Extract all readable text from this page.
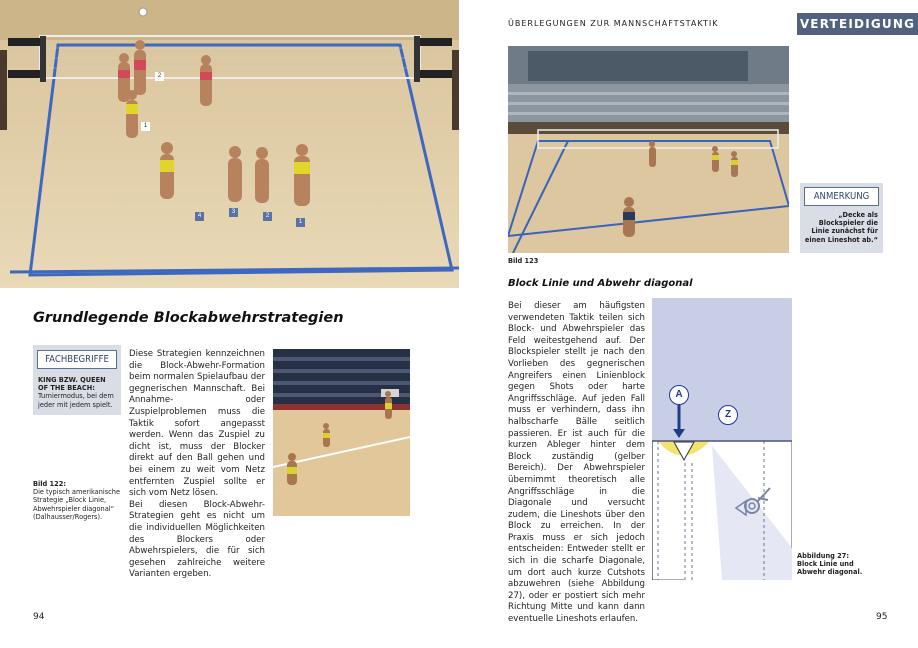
1
2
4
3
2
1
Grundlegende Blockabwehrstrategien
FACHBEGRIFFE
KING BZW. QUEEN OF THE BEACH: Turniermodus, bei dem jeder mit jedem spielt.
Bild 122:
Die typisch amerikanische Strategie „Block Linie, Abwehrspieler diagonal“ (Dalhausser/Rogers).
Diese Strategien kennzeichnen die Block-Abwehr-Formation beim normalen Spielaufbau der gegnerischen Mannschaft. Bei Annahme- oder Zuspielproblemen muss die Taktik sofort angepasst werden. Wenn das Zuspiel zu dicht ist, muss der Blocker direkt auf den Ball gehen und bei einem zu weit vom Netz entfernten Zuspiel sollte er sich vom Netz lösen.
Bei diesen Block-Abwehr-Strategien geht es nicht um die individuellen Möglichkeiten des Blockers oder Abwehrspielers, die für sich gesehen zahlreiche weitere Varianten ergeben.
94
ÜBERLEGUNGEN ZUR MANNSCHAFTSTAKTIK	VERTEIDIGUNG
Bild 123
ANMERKUNG
„Decke als Blockspieler die Linie zunächst für einen Lineshot ab.“
Block Linie und Abwehr diagonal
Bei dieser am häufigsten verwendeten Taktik teilen sich Block- und Abwehrspieler das Feld weitestgehend auf. Der Blockspieler stellt je nach den Vorlieben des gegnerischen Angreifers einen Linienblock gegen Shots oder harte Angriffsschläge. Auf jeden Fall muss er verhindern, dass ihn halbscharfe Bälle seitlich passieren. Er ist auch für die kurzen Ableger hinter dem Block zuständig (gelber Bereich). Der Abwehrspieler übernimmt theoretisch alle Angriffsschläge in die Diagonale und versucht zudem, die Lineshots über den Block zu erreichen. In der Praxis muss er sich jedoch entscheiden: Entweder stellt er sich in die scharfe Diagonale, um dort auch kurze Cutshots abzuwehren (siehe Abbildung 27), oder er postiert sich mehr Richtung Mitte und kann dann eventuelle Lineshots erlaufen.
A
Z
Abbildung 27:
Block Linie und Abwehr diagonal.
95
